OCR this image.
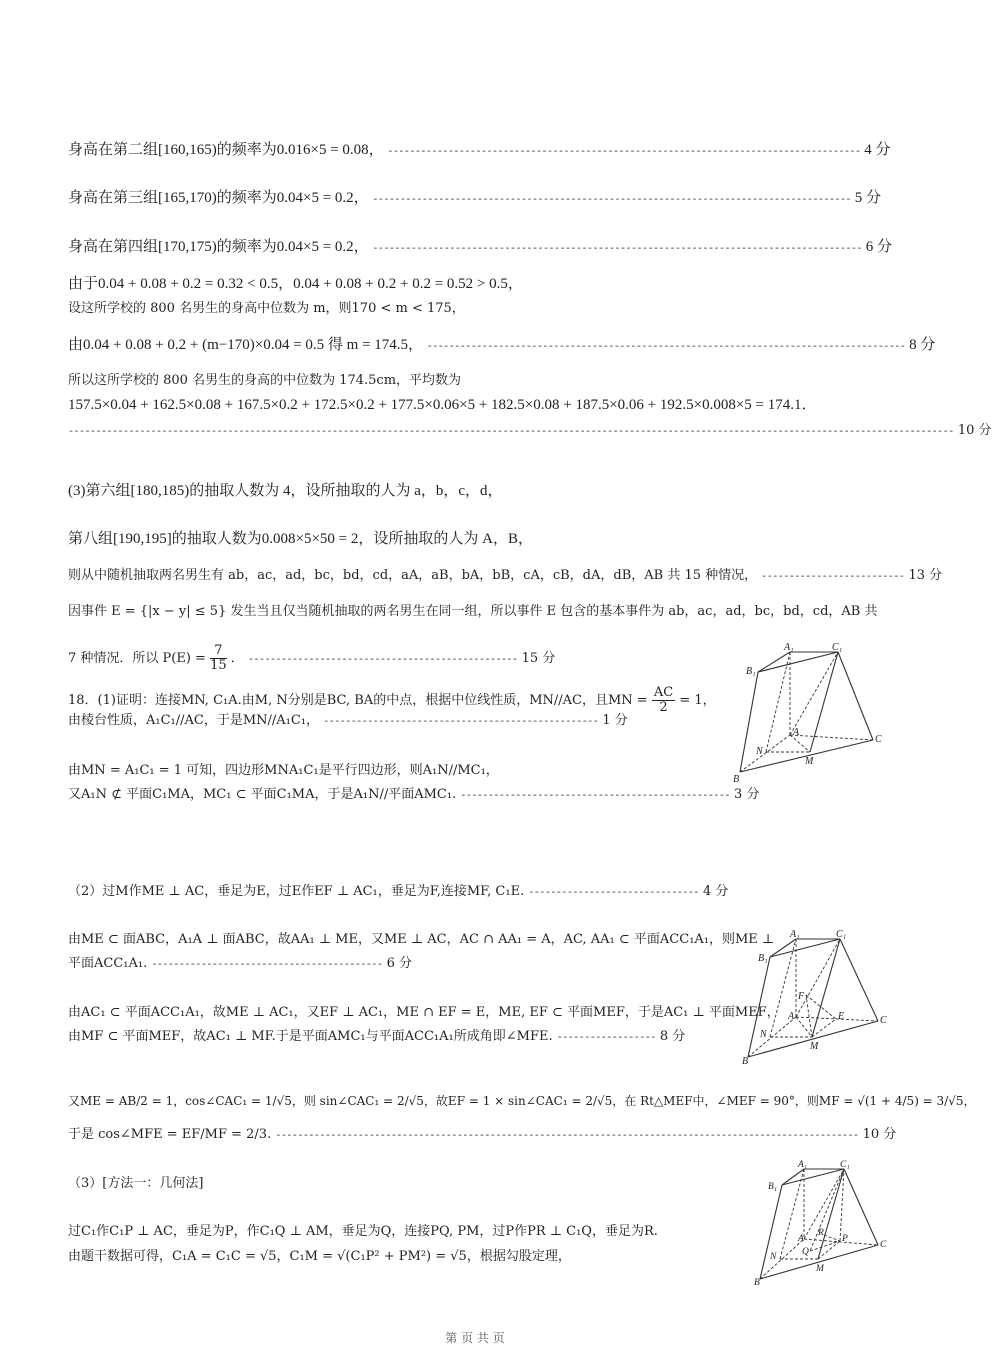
身高在第二组[160,165)的频率为0.016×5 = 0.08， -------------------------------------------------------------------------------------- 4 分
身高在第三组[165,170)的频率为0.04×5 = 0.2， --------------------------------------------------------------------------------------- 5 分
身高在第四组[170,175)的频率为0.04×5 = 0.2， ----------------------------------------------------------------------------------------- 6 分
由于0.04 + 0.08 + 0.2 = 0.32 < 0.5，0.04 + 0.08 + 0.2 + 0.2 = 0.52 > 0.5，
设这所学校的 800 名男生的身高中位数为 m，则170 < m < 175，
由0.04 + 0.08 + 0.2 + (m−170)×0.04 = 0.5 得 m = 174.5， --------------------------------------------------------------------------------------- 8 分
所以这所学校的 800 名男生的身高的中位数为 174.5cm，平均数为
157.5×0.04 + 162.5×0.08 + 167.5×0.2 + 172.5×0.2 + 177.5×0.06×5 + 182.5×0.08 + 187.5×0.06 + 192.5×0.008×5 = 174.1．
----------------------------------------------------------------------------------------------------------------------------------------------------------------- 10 分
(3)第六组[180,185)的抽取人数为 4，设所抽取的人为 a，b，c，d，
第八组[190,195]的抽取人数为0.008×5×50 = 2，设所抽取的人为 A，B，
则从中随机抽取两名男生有 ab，ac，ad，bc，bd，cd，aA，aB，bA，bB，cA，cB，dA，dB，AB 共 15 种情况， -------------------------- 13 分
因事件 E = {|x − y| ≤ 5} 发生当且仅当随机抽取的两名男生在同一组，所以事件 E 包含的基本事件为 ab，ac，ad，bc，bd，cd，AB 共
7 种情况．所以 $P(E) = \frac{7}{15}$ ． ------------------------------------------------- 15 分
18．(1)证明：连接MN, C₁A.由M, N分别是BC, BA的中点，根据中位线性质，MN//AC，且MN = $\frac{AC}{2} = 1$，
由棱台性质，A₁C₁//AC，于是MN//A₁C₁， -------------------------------------------------- 1 分
由MN = A₁C₁ = 1 可知，四边形MNA₁C₁是平行四边形，则A₁N//MC₁，
又A₁N ⊄ 平面C₁MA，MC₁ ⊂ 平面C₁MA，于是A₁N//平面AMC₁. ------------------------------------------------- 3 分
（2）过M作ME ⊥ AC，垂足为E，过E作EF ⊥ AC₁，垂足为F,连接MF, C₁E. ------------------------------- 4 分
由ME ⊂ 面ABC，A₁A ⊥ 面ABC，故AA₁ ⊥ ME，又ME ⊥ AC，AC ∩ AA₁ = A，AC, AA₁ ⊂ 平面ACC₁A₁，则ME ⊥
平面ACC₁A₁. ------------------------------------------ 6 分
由AC₁ ⊂ 平面ACC₁A₁，故ME ⊥ AC₁，又EF ⊥ AC₁，ME ∩ EF = E，ME, EF ⊂ 平面MEF，于是AC₁ ⊥ 平面MEF，
由MF ⊂ 平面MEF，故AC₁ ⊥ MF.于是平面AMC₁与平面ACC₁A₁所成角即∠MFE. ------------------ 8 分
又ME = AB/2 = 1，cos∠CAC₁ = 1/√5，则 sin∠CAC₁ = 2/√5，故EF = 1 × sin∠CAC₁ = 2/√5，在 Rt△MEF中，∠MEF = 90°，则MF = √(1 + 4/5) = 3/√5，
于是 cos∠MFE = EF/MF = 2/3. ---------------------------------------------------------------------------------------------------------- 10 分
（3）[方法一：几何法]
过C₁作C₁P ⊥ AC，垂足为P，作C₁Q ⊥ AM，垂足为Q，连接PQ, PM，过P作PR ⊥ C₁Q，垂足为R.
由题干数据可得，C₁A = C₁C = √5，C₁M = √(C₁P² + PM²) = √5，根据勾股定理，
A₁	C₁
B₁
A
N
M
C
B
A₁	C₁
B₁
F
A	E
N
M
C
B
A₁	C₁
B₁
A
R
P
N	Q
C
M
B
第 页 共 页
